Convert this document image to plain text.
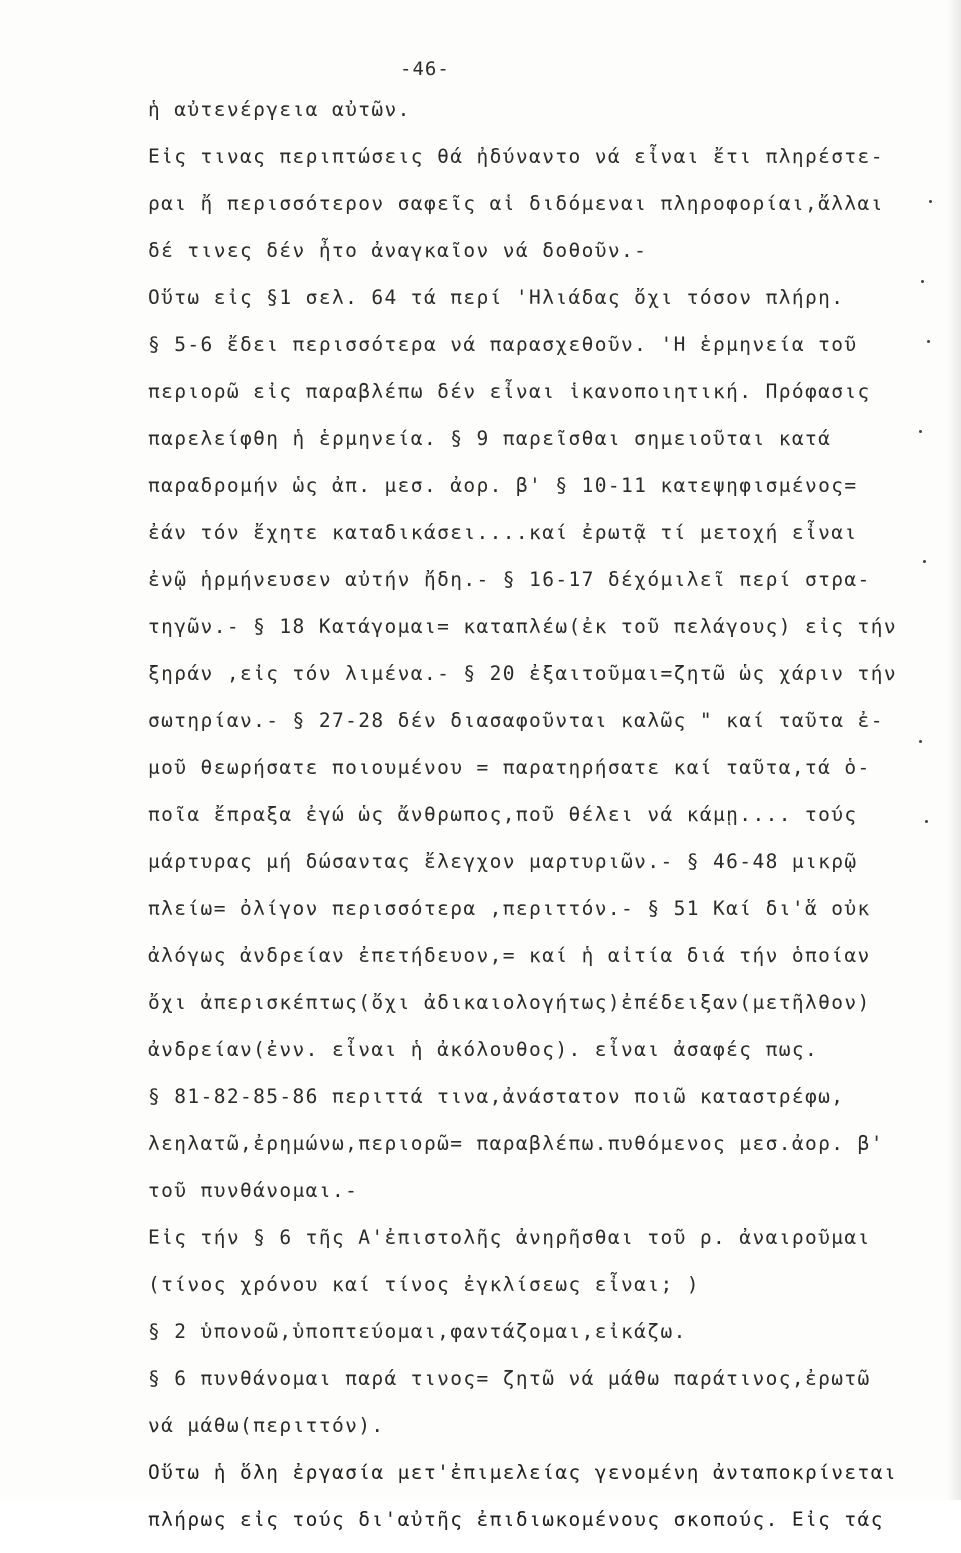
-46-
ἡ αὐτενέργεια αὐτῶν.
Εἰς τινας περιπτώσεις θά ἠδύναντο νά εἶναι ἔτι πληρέστε-
ραι ἤ περισσότερον σαφεῖς αἱ διδόμεναι πληροφορίαι,ἄλλαι
δέ τινες δέν ἦτο ἀναγκαῖον νά δοθοῦν.-
Οὕτω εἰς §1 σελ. 64 τά περί 'Ηλιάδας ὄχι τόσον πλήρη.
§ 5-6 ἔδει περισσότερα νά παρασχεθοῦν. 'Η ἑρμηνεία τοῦ
περιορῶ εἰς παραβλέπω δέν εἶναι ἱκανοποιητική. Πρόφασις
παρελείφθη ἡ ἑρμηνεία. § 9 παρεῖσθαι σημειοῦται κατά
παραδρομήν ὡς ἀπ. μεσ. ἀορ. β' § 10-11 κατεψηφισμένος=
ἐάν τόν ἔχητε καταδικάσει....καί ἐρωτᾷ τί μετοχή εἶναι
ἐνῷ ἡρμήνευσεν αὐτήν ἤδη.- § 16-17 δέχόμιλεῖ περί στρα-
τηγῶν.- § 18 Κατάγομαι= καταπλέω(ἐκ τοῦ πελάγους) εἰς τήν
ξηράν ,εἰς τόν λιμένα.- § 20 ἐξαιτοῦμαι=ζητῶ ὡς χάριν τήν
σωτηρίαν.- § 27-28 δέν διασαφοῦνται καλῶς " καί ταῦτα ἐ-
μοῦ θεωρήσατε ποιουμένου = παρατηρήσατε καί ταῦτα,τά ὁ-
ποῖα ἔπραξα ἐγώ ὡς ἄνθρωπος,ποῦ θέλει νά κάμῃ.... τούς
μάρτυρας μή δώσαντας ἔλεγχον μαρτυριῶν.- § 46-48 μικρῷ
πλείω= ὀλίγον περισσότερα ,περιττόν.- § 51 Καί δι'ἅ οὐκ
ἀλόγως ἀνδρείαν ἐπετήδευον,= καί ἡ αἰτία διά τήν ὁποίαν
ὄχι ἀπερισκέπτως(ὄχι ἀδικαιολογήτως)ἐπέδειξαν(μετῆλθον)
ἀνδρείαν(ἐνν. εἶναι ἡ ἀκόλουθος). εἶναι ἀσαφές πως.
§ 81-82-85-86 περιττά τινα,ἀνάστατον ποιῶ καταστρέφω,
λεηλατῶ,ἐρημώνω,περιορῶ= παραβλέπω.πυθόμενος μεσ.ἀορ. β'
τοῦ πυνθάνομαι.-
Εἰς τήν § 6 τῆς Α'ἐπιστολῆς ἀνηρῆσθαι τοῦ ρ. ἀναιροῦμαι
(τίνος χρόνου καί τίνος ἐγκλίσεως εἶναι; )
§ 2 ὑπονοῶ,ὑποπτεύομαι,φαντάζομαι,εἰκάζω.
§ 6 πυνθάνομαι παρά τινος= ζητῶ νά μάθω παράτινος,ἐρωτῶ
νά μάθω(περιττόν).
Οὕτω ἡ ὅλη ἐργασία μετ'ἐπιμελείας γενομένη ἀνταποκρίνεται
πλήρως εἰς τούς δι'αὐτῆς ἐπιδιωκομένους σκοπούς. Εἰς τάς
